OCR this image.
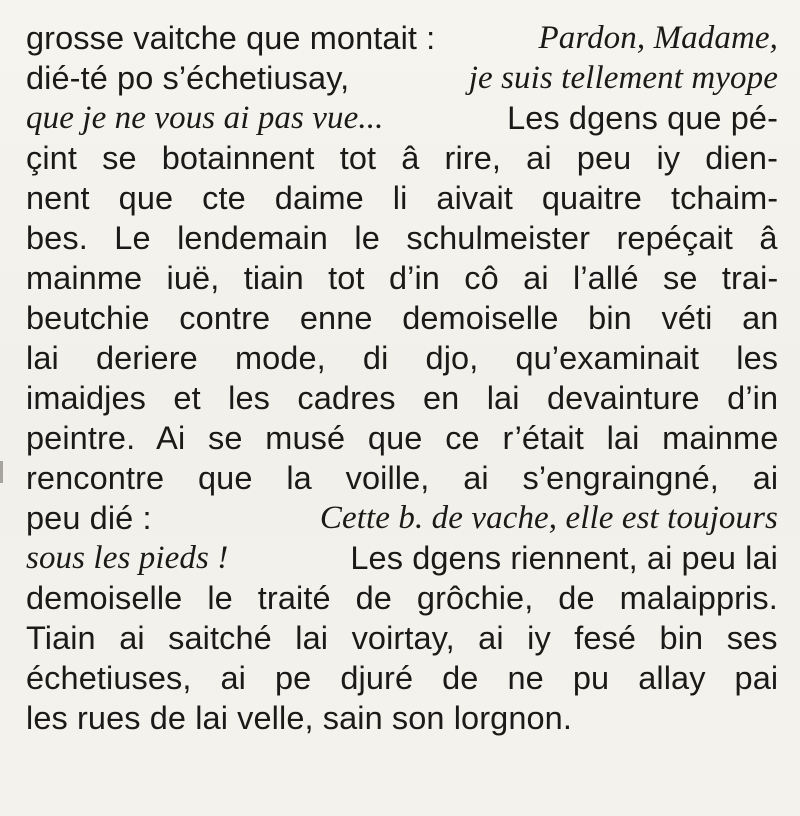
grosse vaitche que montait :	Pardon, Madame,
dié-té po s’échetiusay,	je suis tellement myope
que je ne vous ai pas vue...	Les dgens que pé-
çint se botainnent tot â rire, ai peu iy dien-
nent que cte daime li aivait quaitre tchaim-
bes. Le lendemain le schulmeister repéçait â
mainme iuë, tiain tot d’in cô ai l’allé se trai-
beutchie contre enne demoiselle bin véti an
lai deriere mode, di djo, qu’examinait les
imaidjes et les cadres en lai devainture d’in
peintre. Ai se musé que ce r’était lai mainme
rencontre que la voille, ai s’engraingné, ai
peu dié :	Cette b. de vache, elle est toujours
sous les pieds !	Les dgens riennent, ai peu lai
demoiselle le traité de grôchie, de malaippris.
Tiain ai saitché lai voirtay, ai iy fesé bin ses
échetiuses, ai pe djuré de ne pu allay pai
les rues de lai velle, sain son lorgnon.
